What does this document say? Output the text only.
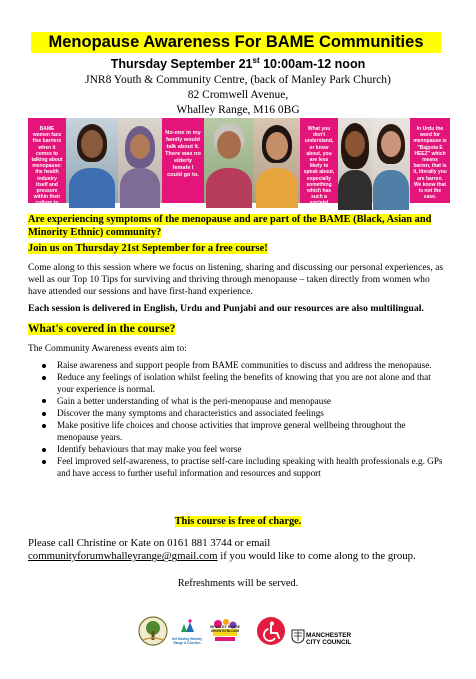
Menopause Awareness For BAME Communities
Thursday September 21st 10:00am-12 noon
JNR8 Youth & Community Centre, (back of Manley Park Church)
82 Cromwell Avenue,
Whalley Range, M16 0BG
BAME women face five barriers when it comes to talking about menopause: the health industry itself and pressure within their culture to stay silent.
No-one in my family would talk about it. There was no elderly female I could go to.
What you don't understand, or know about, you are less likely to speak about, especially something which has such a societal stigma.
In Urdu the word for menopause is "Bajpota E HEEZ" which means barren, that is it, literally you are barren. We know that is not the case.
Are experiencing symptoms of the menopause and are part of the BAME (Black, Asian and Minority Ethnic) community?
Join us on Thursday 21st September for a free course!
Come along to this session where we focus on listening, sharing and discussing our personal experiences, as well as our Top 10 Tips for surviving and thriving through menopause – taken directly from women who have attended our sessions and have first-hand experience.
Each session is delivered in English, Urdu and Punjabi and our resources are also multilingual.
What's covered in the course?
The Community Awareness events aim to:
Raise awareness and support people from BAME communities to discuss and address the menopause.
Reduce any feelings of isolation whilst feeling the benefits of knowing that you are not alone and that your experience is normal.
Gain a better understanding of what is the peri-menopause and menopause
Discover the many symptoms and characteristics and associated feelings
Make positive life choices and choose activities that improve general wellbeing throughout the menopause years.
Identify behaviours that may make you feel worse
Feel improved self-awareness, to practise self-care including speaking with health professionals e.g. GPs and have access to further useful information and resources and support
This course is free of charge.
Please call Christine or Kate on 0161 881 3744 or email
communityforumwhalleyrange@gmail.com if you would like to come along to the group.
Refreshments will be served.
Get Moving Whalley Range & Chorlton
WHALLEY RANGE SHOW IN BLOOM
MANCHESTER
CITY COUNCIL
